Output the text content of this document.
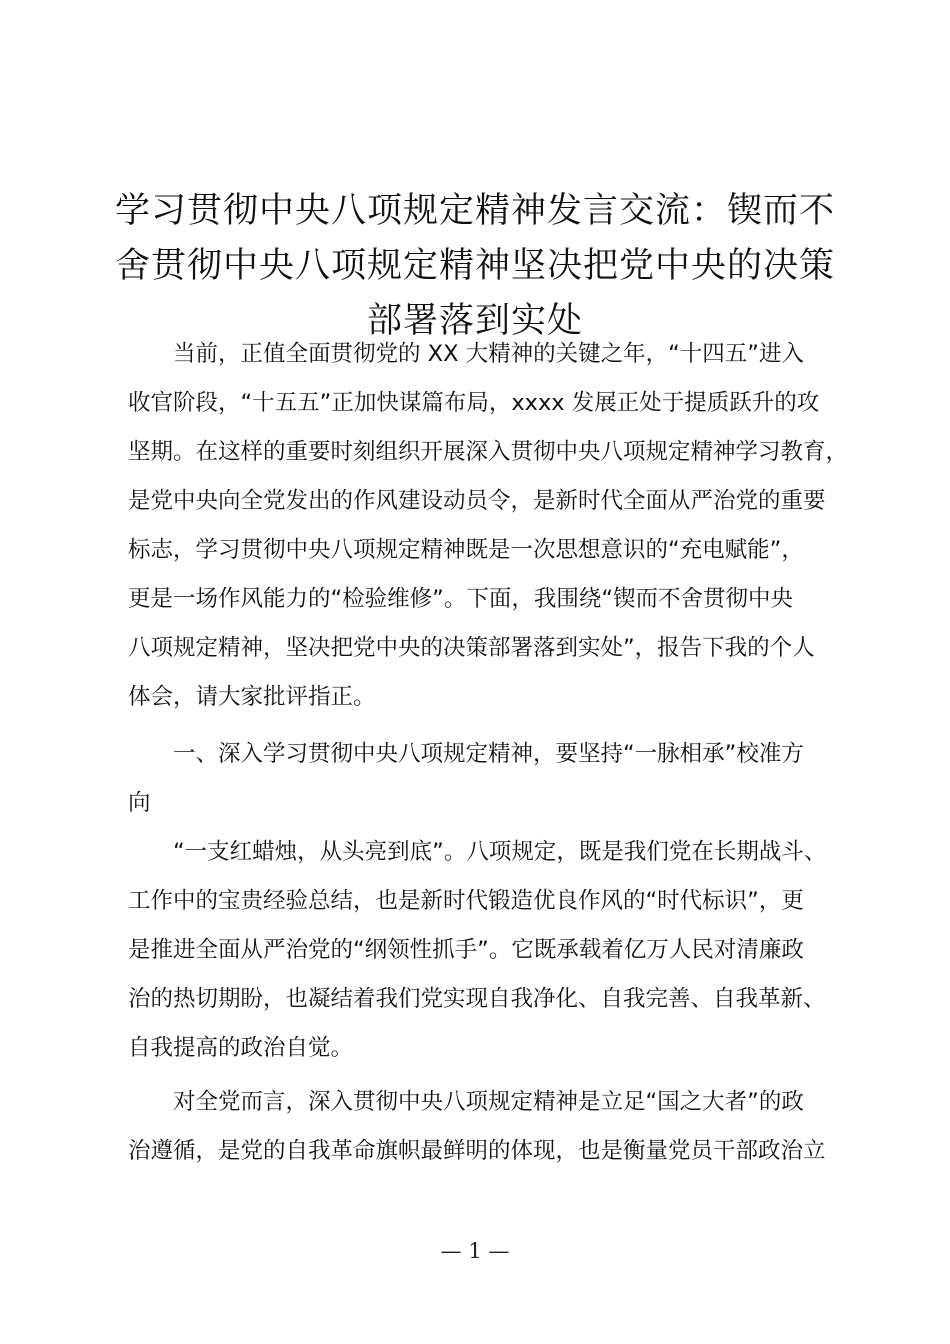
学习贯彻中央八项规定精神发言交流：锲而不
舍贯彻中央八项规定精神坚决把党中央的决策
部署落到实处
当前，正值全面贯彻党的 XX 大精神的关键之年，“十四五”进入
收官阶段，“十五五”正加快谋篇布局，xxxx 发展正处于提质跃升的攻
坚期。在这样的重要时刻组织开展深入贯彻中央八项规定精神学习教育，
是党中央向全党发出的作风建设动员令，是新时代全面从严治党的重要
标志，学习贯彻中央八项规定精神既是一次思想意识的“充电赋能”，
更是一场作风能力的“检验维修”。下面，我围绕“锲而不舍贯彻中央
八项规定精神，坚决把党中央的决策部署落到实处”，报告下我的个人
体会，请大家批评指正。
一、深入学习贯彻中央八项规定精神，要坚持“一脉相承”校准方
向
“一支红蜡烛，从头亮到底”。八项规定，既是我们党在长期战斗、
工作中的宝贵经验总结，也是新时代锻造优良作风的“时代标识”，更
是推进全面从严治党的“纲领性抓手”。它既承载着亿万人民对清廉政
治的热切期盼，也凝结着我们党实现自我净化、自我完善、自我革新、
自我提高的政治自觉。
对全党而言，深入贯彻中央八项规定精神是立足“国之大者”的政
治遵循，是党的自我革命旗帜最鲜明的体现，也是衡量党员干部政治立
— 1 —
